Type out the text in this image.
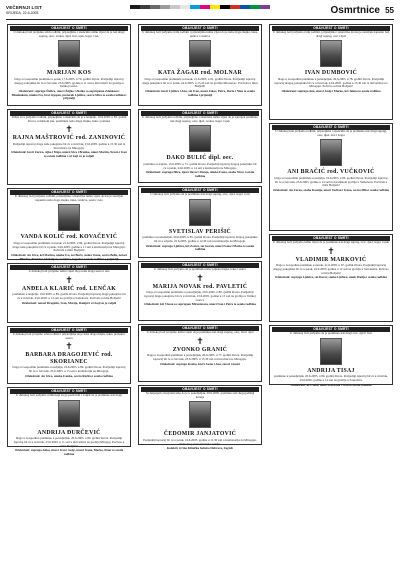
VEČERNJI LIST
SRIJEDA, 22.6.2005.	Osmrtnice 55
OBAVIJEST O SMRTI
U dubokoj boli javljamo svim rodbini, prijateljima i znancima tužnu vijest da je naš drugi suprug, otac, svekar, djed, brat, ujak, šogor i zet,
MARIJAN KOS
blago u Gospodinu preminuo u petak, 17.6.2005. u 79. godini života. Posljednji ispraćaj dragog pokojnika bit će u četvrtak, 23.6.2005. godine u 11 sati u mrtvačnici na groblju u Velikoj Gorici.
Ožalošćeni: supruga Štefica, sinovi Željko i Zlatko sa suprugama Zdenkom i Mladenkom, unuka Iva, brat Stjepan, pastorak Ljubica, sestra Mira te ostala rodbina i prijatelji
OBAVIJEST O SMRTI
Tužna srca javljamo rodbini, prijateljima i znancima da je u nedjelju, 19.6.2005. u 83. godini života, u mirnom snu, preminula naša draga majka, baka i prabaka
✝
RAJNA MAŠTROVIĆ rod. ZANINOVIĆ
Posljednji ispraćaj drage naše pokojnice bit će u četvrtak, 23.6.2005. godine u 15,30 sati iz mrtvačnice na Mirogoju.
Ožalošćeni: kćeri Zorica, Ajka i Maja, unuci Ivica i Branko, unuci Martin, Neven i Ivan te ostala rodbina i svi koji su je voljeli
OBAVIJEST O SMRTI
U dubokoj boli javljamo rodbini, prijateljima i znancima tužnu vijest da nas je zauvijek napustila naša draga majka, baka, svekrva, sestra i teta
VANDA KOLIĆ rod. KOVAČEVIĆ
blago u Gospodinu preminula u utorak, 21.6.2005. u 84. godini života. Posljednji ispraćaj drage naše pokojnice bit će u petak, 24.6.2005. godine u 11 sati u krematoriju na Mirogoju. Počivala u miru Božjem!
Ožalošćeni: sin Ivica, kći Marina, unuke Iva, zet Boris, snaha Vesna, sestra Bella, nećaci Mladen, Tomislav i Kristijan, sestrične, šogorice i ostala rodbina i prijatelji
OBAVIJEST O SMRTI
U dubokoj boli javljamo tužnu vijest da je naša draga sestra i teta
✝
ANĐELA KLARIĆ rod. LENČAK
preminula u nedjelju, 19.6.2005. u 89. godini života. Posljednji ispraćaj drage pokojnice bit će u četvrtak, 23.6.2005. u 12 sati na groblju u Samoboru. Počivala u miru Božjem!
Ožalošćeni: nećaci Dragutin, Ivan, Marija, Danijel i svi koji su je voljeli
OBAVIJEST O SMRTI
U dubokoj boli javljamo svim rodbini i prijateljima da je naša draga majka, baka, prabaka i sestra
✝
BARBARA DRAGOJEVIĆ rod. SKORIANEC
blago u Gospodinu preminula u nedjelju, 19.6.2005. u 89. godini života. Posljednji ispraćaj bit će u četvrtak, 23.6.2005. u 15 sati u krematoriju na Mirogoju.
Ožalošćeni: sin Ivica, unuka Ivanka, sestra Ružica i ostala rodbina
OBAVIJEST O SMRTI
U dubokoj boli javljamo svima koji su ga poznavali i voljeli da je preminuo naš dragi
ANDRIJA ĐURČEVIĆ
blago u Gospodinu preminuo u ponedjeljak, 20.6.2005. u 80. godini života. Posljednji ispraćaj bit će u četvrtak, 23.6.2005. u 11 sati u mrtvačnici na groblju Mirogoj. Počivao u miru Božjem!
Ožalošćeni: supruga Anka, sinovi Ivan i Josip, unuci Ivana, Marko, Petar te ostala rodbina
OBAVIJEST O SMRTI
U dubokoj boli javljamo svim rodbini i prijateljima tužnu vijest da je naša draga majka, baka, punica i svekrva
KATA ŽAGAR rod. MOLNAR
blago u Gospodinu preminula u utorak, 21.6.2005. u 91. godini života. Posljednji ispraćaj drage pokojnice bit će u petak, 24.6.2005. u 15,45 sati na groblju Miroševec. Počivala u miru Božjem!
Ožalošćeni: kćeri Ljubica i Ana, sin Ivan, unuci Jakov, Petra, Dario i Nina te ostala rodbina i prijatelji
OBAVIJEST O SMRTI
U dubokoj boli javljamo rodbini, prijateljima i znancima tužnu vijest da je zauvijek preminuo naš dragi suprug, otac, djed, svekar, šogor i ujak
DAKO BULIĆ dipl. oec.
preminuo u srijedu, 15.6.2005. u 71. godini života. Posljednji ispraćaj dragog pokojnika bit će u petak, 24.6.2005. u 14 sati u krematoriju na Mirogoju.
Ožalošćeni: supruga Mira, djeca Davor i Dunja, unuka Ivana, snaha Nives i ostala rodbina
OBAVIJEST O SMRTI
U dubokoj boli javljamo da je preminuo naš dragi suprug, otac, djed, šogor i tast
SVETISLAV PERIŠIĆ
preminuo u ponedjeljak, 20.6.2005. u 85. godini života. Posljednji ispraćaj dragog pokojnika bit će u srijedu, 22.6.2005. godine u 12,30 sati u krematoriju na Mirogoju.
Ožalošćeni: supruga Ljubica, kći Zorica, zet Goran, unuci Ivana i Marko te ostala rodbina
OBAVIJEST O SMRTI
U dubokoj boli javljamo da je preminula naša voljena majka, baka i sestra
✝
MARIJA NOVAK rod. PAVLETIĆ
blago u Gospodinu preminula u ponedjeljak, 20.6.2005. u 86. godini života. Posljednji ispraćaj drage pokojnice bit će u četvrtak, 23.6.2005. godine u 13 sati na groblju u Velikoj Gorici.
Ožalošćeni: kći Vlasta sa suprugom Miroslavom, unuci Ivan i Petra te ostala rodbina
OBAVIJEST O SMRTI
U dubokoj boli javljamo tužnu vijest da je preminuo naš dragi suprug, otac, brat i djed
✝
ZVONKO GRANIĆ
blago u Gospodinu preminuo u ponedjeljak, 20.6.2005. u 77. godini života. Posljednji ispraćaj bit će u četvrtak, 23.6.2005. u 15,30 sati u mrtvačnici na Mirogoju.
Ožalošćeni: supruga Katica, kćeri Jasna i Ana, zetovi i unuci
OBAVIJEST O SMRTI
Sa žaljenjem obavještavamo da je u ponedjeljak, 20.6.2005. preminuo naš dugogodišnji kolega
ČEDOMIR JANJATOVIĆ
Posljednji ispraćaj bit će u petak, 24.6.2005. godine u 11,30 sati u krematoriju na Mirogoju. Neka mu je laka hrvatska zemlja.
Kolektiv tvrtke Klinička bolnica Dubrava, Zagreb
OBAVIJEST O SMRTI
U dubokoj boli javljamo svim rodbini, prijateljima i znancima da nas je zauvijek napustio naš dragi suprug, otac i djed
IVAN DUMBOVIĆ
blago u Gospodinu preminuo u ponedjeljak, 20.6.2005. u 78. godini života. Posljednji ispraćaj dragog pokojnika bit će u četvrtak, 23.6.2005. godine u 13,30 sati iz mrtvačnice na Mirogoju. Počivao u miru Božjem!
Ožalošćeni: supruga Ana, sinovi Josip i Marko, kći Jelena te ostala rodbina
OBAVIJEST O SMRTI
U dubokoj boli javljamo rodbini, prijateljima i znancima da je preminuo naš dragi suprug, otac, djed, brat i šogor
ANI BRAČIĆ rod. VUČKOVIĆ
blago u Gospodinu preminula u nedjelju, 19.6.2005. u 86. godini života. Posljednji ispraćaj bit će u četvrtak, 23.6.2005. godine u 14 sati na Gradskom groblju u Samoboru. Počivala u miru Božjem!
Ožalošćeni: sin Zoran, snaha Ksenija, unuci Vedran i Ivana, sestra Mila i ostala rodbina
OBAVIJEST O SMRTI
U dubokoj boli javljamo tužnu vijest da je preminuo naš dragi suprug, otac, djed, šogor i ujak
✝
VLADIMIR MARKOVIĆ
blago u Gospodinu preminuo u utorak, 21.6.2005. u 67. godini života. Posljednji ispraćaj dragog pokojnika bit će u petak, 24.6.2005. godine u 12 sati na groblju u Sesvetama. Počivao u miru Božjem!
Ožalošćeni: supruga Ljubica, sin Davor, snaha Ljubica, unuk Matija i ostala rodbina
OBAVIJEST O SMRTI
U dubokoj boli javljamo da je preminuo naš dragi otac, djed i brat
ANDRIJA TISAJ
preminuo u ponedjeljak, 20.6.2005. u 89. godini života. Posljednji ispraćaj bit će u četvrtak, 23.6.2005. godine u 14 sati na groblju u Zaprešiću.
Ožalošćeni: kći Nada, unuci Katarina i Ivan te ostala rodbina
